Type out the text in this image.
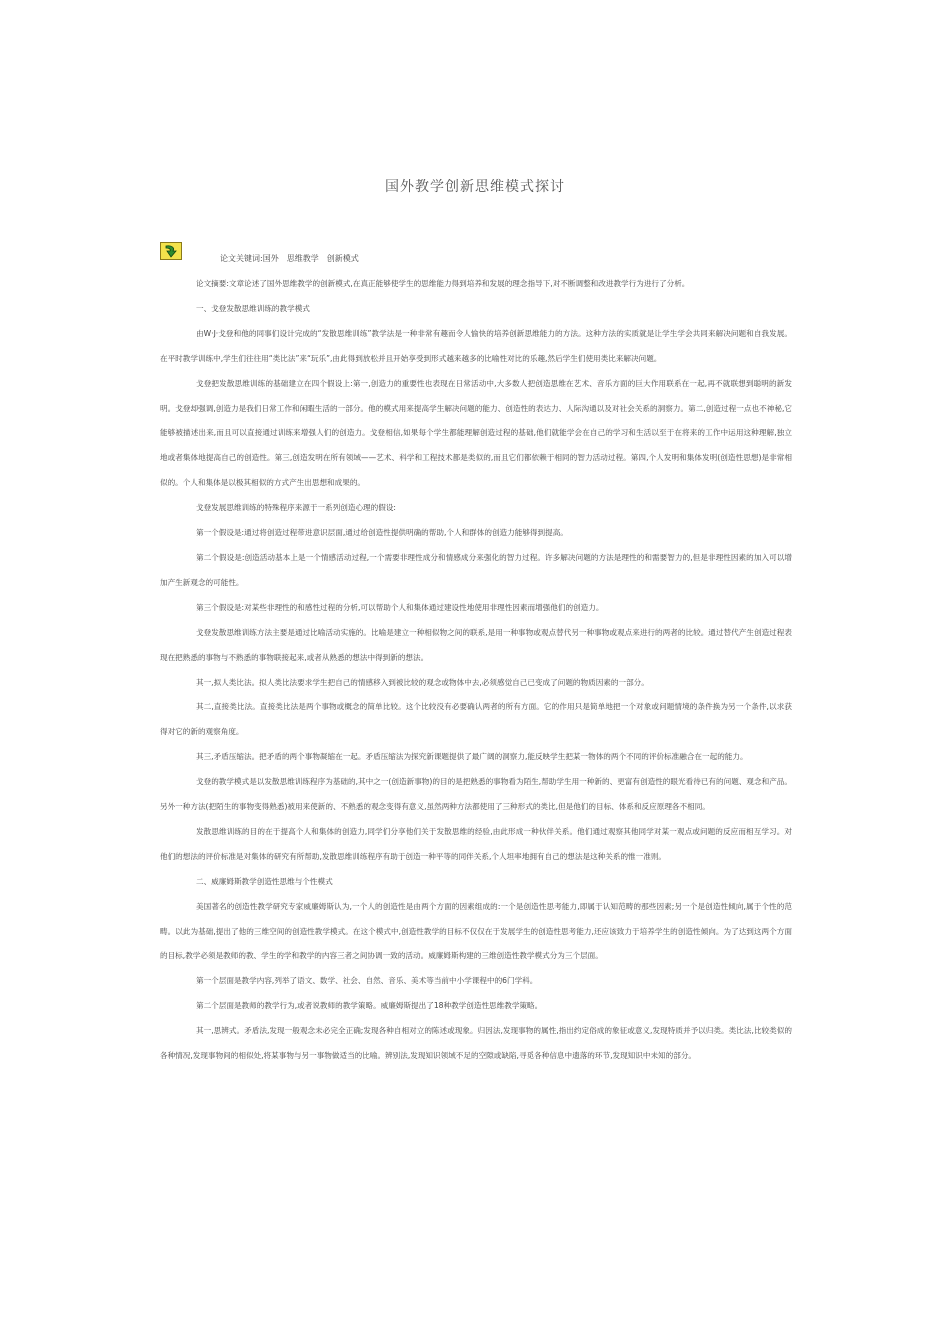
国外教学创新思维模式探讨
论文关键词:国外　思维教学　创新模式

论文摘要:文章论述了国外思维教学的创新模式,在真正能够使学生的思维能力得到培养和发展的理念指导下,对不断调整和改进教学行为进行了分析。

一、戈登发散思维训练的教学模式

由W·J·戈登和他的同事们设计完成的“发散思维训练”教学法是一种非常有趣而令人愉快的培养创新思维能力的方法。这种方法的实质就是让学生学会共同来解决问题和自我发展。在平时教学训练中,学生们往往用“类比法”来“玩乐”,由此得到放松并且开始享受到形式越来越多的比喻性对比的乐趣,然后学生们使用类比来解决问题。

戈登把发散思维训练的基础建立在四个假设上:第一,创造力的重要性也表现在日常活动中,大多数人把创造思维在艺术、音乐方面的巨大作用联系在一起,再不就联想到聪明的新发明。戈登却强调,创造力是我们日常工作和闲暇生活的一部分。他的模式用来提高学生解决问题的能力、创造性的表达力、人际沟通以及对社会关系的洞察力。第二,创造过程一点也不神秘,它能够被描述出来,而且可以直接通过训练来增强人们的创造力。戈登相信,如果每个学生都能理解创造过程的基础,他们就能学会在自己的学习和生活以至于在将来的工作中运用这种理解,独立地或者集体地提高自己的创造性。第三,创造发明在所有领域——艺术、科学和工程技术都是类似的,而且它们都依赖于相同的智力活动过程。第四,个人发明和集体发明(创造性思想)是非常相似的。个人和集体是以极其相似的方式产生出思想和成果的。

戈登发展思维训练的特殊程序来源于一系列创造心理的假设:

第一个假设是:通过将创造过程带进意识层面,通过给创造性提供明确的帮助,个人和群体的创造力能够得到提高。

第二个假设是:创造活动基本上是一个情感活动过程,一个需要非理性成分和情感成分来强化的智力过程。许多解决问题的方法是理性的和需要智力的,但是非理性因素的加入可以增加产生新观念的可能性。

第三个假设是:对某些非理性的和感性过程的分析,可以帮助个人和集体通过建设性地使用非理性因素而增强他们的创造力。

戈登发散思维训练方法主要是通过比喻活动实施的。比喻是建立一种相似物之间的联系,是用一种事物或观点替代另一种事物或观点来进行的两者的比较。通过替代产生创造过程表现在把熟悉的事物与不熟悉的事物联接起来,或者从熟悉的想法中得到新的想法。

其一,拟人类比法。拟人类比法要求学生把自己的情感移入到被比较的观念或物体中去,必须感觉自己已变成了问题的物质因素的一部分。

其二,直接类比法。直接类比法是两个事物或概念的简单比较。这个比较没有必要确认两者的所有方面。它的作用只是简单地把一个对象或问题情境的条件换为另一个条件,以求获得对它的新的观察角度。

其三,矛盾压缩法。把矛盾的两个事物凝缩在一起。矛盾压缩法为探究新课题提供了最广阔的洞察力,能反映学生把某一物体的两个不同的评价标准融合在一起的能力。

戈登的教学模式是以发散思维训练程序为基础的,其中之一(创造新事物)的目的是把熟悉的事物看为陌生,帮助学生用一种新的、更富有创造性的眼光看待已有的问题、观念和产品。另外一种方法(把陌生的事物变得熟悉)被用来使新的、不熟悉的观念变得有意义,虽然两种方法都使用了三种形式的类比,但是他们的目标、体系和反应原理各不相同。

发散思维训练的目的在于提高个人和集体的创造力,同学们分享他们关于发散思维的经验,由此形成一种伙伴关系。他们通过观察其他同学对某一观点或问题的反应而相互学习。对他们的想法的评价标准是对集体的研究有所帮助,发散思维训练程序有助于创造一种平等的同伴关系,个人坦率地拥有自己的想法是这种关系的惟一准则。

二、威廉姆斯教学创造性思维与个性模式

美国著名的创造性教学研究专家威廉姆斯认为,一个人的创造性是由两个方面的因素组成的:一个是创造性思考能力,即属于认知范畴的那些因素;另一个是创造性倾向,属于个性的范畴。以此为基础,提出了他的三维空间的创造性教学模式。在这个模式中,创造性教学的目标不仅仅在于发展学生的创造性思考能力,还应该致力于培养学生的创造性倾向。为了达到这两个方面的目标,教学必须是教师的教、学生的学和教学的内容三者之间协调一致的活动。威廉姆斯构建的三维创造性教学模式分为三个层面。

第一个层面是教学内容,列举了语文、数学、社会、自然、音乐、美术等当前中小学课程中的6门学科。

第二个层面是教师的教学行为,或者说教师的教学策略。威廉姆斯提出了18种教学创造性思维教学策略。

其一,思辨式。矛盾法,发现一般观念未必完全正确;发现各种自相对立的陈述或现象。归因法,发现事物的属性,指出约定俗成的象征或意义,发现特质并予以归类。类比法,比较类似的各种情况,发现事物间的相似处,将某事物与另一事物做适当的比喻。辨别法,发现知识领域不足的空隙或缺陷,寻觅各种信息中遗落的环节,发现知识中未知的部分。
